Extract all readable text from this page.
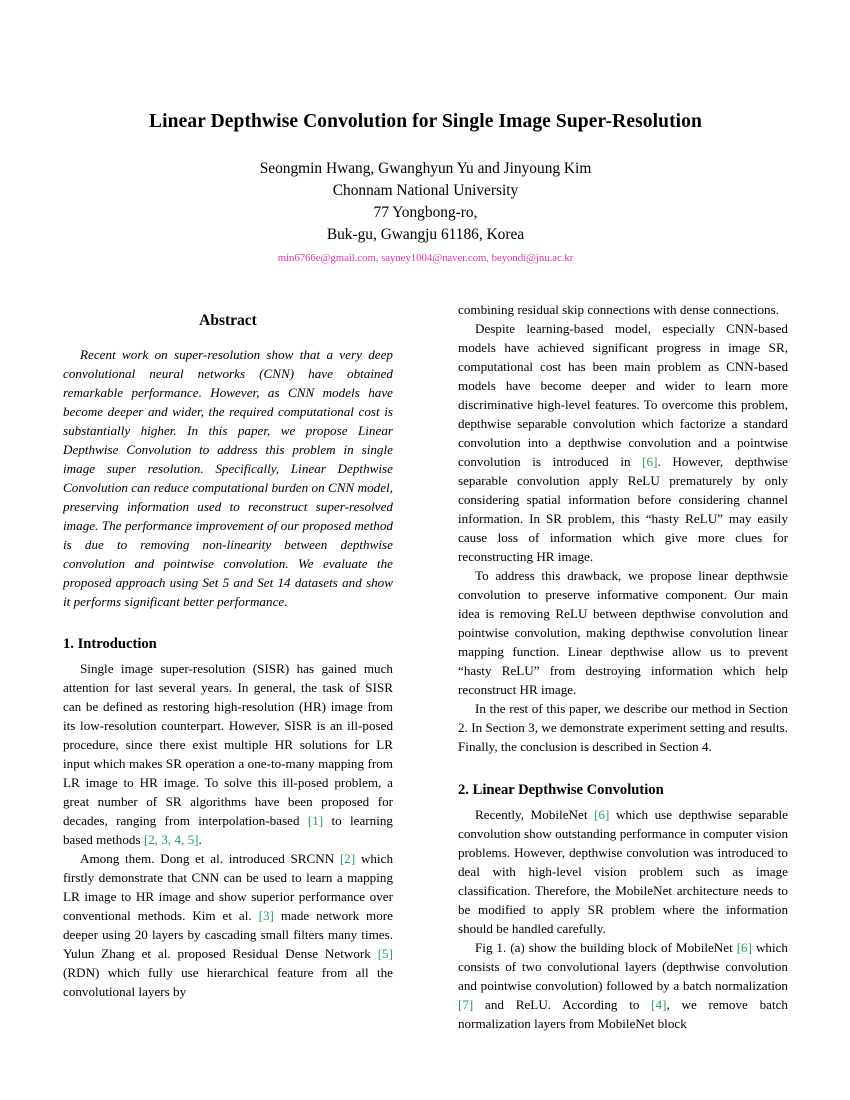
Linear Depthwise Convolution for Single Image Super-Resolution
Seongmin Hwang, Gwanghyun Yu and Jinyoung Kim
Chonnam National University
77 Yongbong-ro,
Buk-gu, Gwangju 61186, Korea
min6766e@gmail.com, sayney1004@naver.com, beyondi@jnu.ac.kr
Abstract

Recent work on super-resolution show that a very deep convolutional neural networks (CNN) have obtained remarkable performance. However, as CNN models have become deeper and wider, the required computational cost is substantially higher. In this paper, we propose Linear Depthwise Convolution to address this problem in single image super resolution. Specifically, Linear Depthwise Convolution can reduce computational burden on CNN model, preserving information used to reconstruct super-resolved image. The performance improvement of our proposed method is due to removing non-linearity between depthwise convolution and pointwise convolution. We evaluate the proposed approach using Set 5 and Set 14 datasets and show it performs significant better performance.

1. Introduction

Single image super-resolution (SISR) has gained much attention for last several years. In general, the task of SISR can be defined as restoring high-resolution (HR) image from its low-resolution counterpart. However, SISR is an ill-posed procedure, since there exist multiple HR solutions for LR input which makes SR operation a one-to-many mapping from LR image to HR image. To solve this ill-posed problem, a great number of SR algorithms have been proposed for decades, ranging from interpolation-based [1] to learning based methods [2, 3, 4, 5].

Among them. Dong et al. introduced SRCNN [2] which firstly demonstrate that CNN can be used to learn a mapping LR image to HR image and show superior performance over conventional methods. Kim et al. [3] made network more deeper using 20 layers by cascading small filters many times. Yulun Zhang et al. proposed Residual Dense Network [5] (RDN) which fully use hierarchical feature from all the convolutional layers by

combining residual skip connections with dense connections.

Despite learning-based model, especially CNN-based models have achieved significant progress in image SR, computational cost has been main problem as CNN-based models have become deeper and wider to learn more discriminative high-level features. To overcome this problem, depthwise separable convolution which factorize a standard convolution into a depthwise convolution and a pointwise convolution is introduced in [6]. However, depthwise separable convolution apply ReLU prematurely by only considering spatial information before considering channel information. In SR problem, this “hasty ReLU” may easily cause loss of information which give more clues for reconstructing HR image.

To address this drawback, we propose linear depthwsie convolution to preserve informative component. Our main idea is removing ReLU between depthwise convolution and pointwise convolution, making depthwise convolution linear mapping function. Linear depthwise allow us to prevent “hasty ReLU” from destroying information which help reconstruct HR image.

In the rest of this paper, we describe our method in Section 2. In Section 3, we demonstrate experiment setting and results. Finally, the conclusion is described in Section 4.

2. Linear Depthwise Convolution

Recently, MobileNet [6] which use depthwise separable convolution show outstanding performance in computer vision problems. However, depthwise convolution was introduced to deal with high-level vision problem such as image classification. Therefore, the MobileNet architecture needs to be modified to apply SR problem where the information should be handled carefully.

Fig 1. (a) show the building block of MobileNet [6] which consists of two convolutional layers (depthwise convolution and pointwise convolution) followed by a batch normalization [7] and ReLU. According to [4], we remove batch normalization layers from MobileNet block
